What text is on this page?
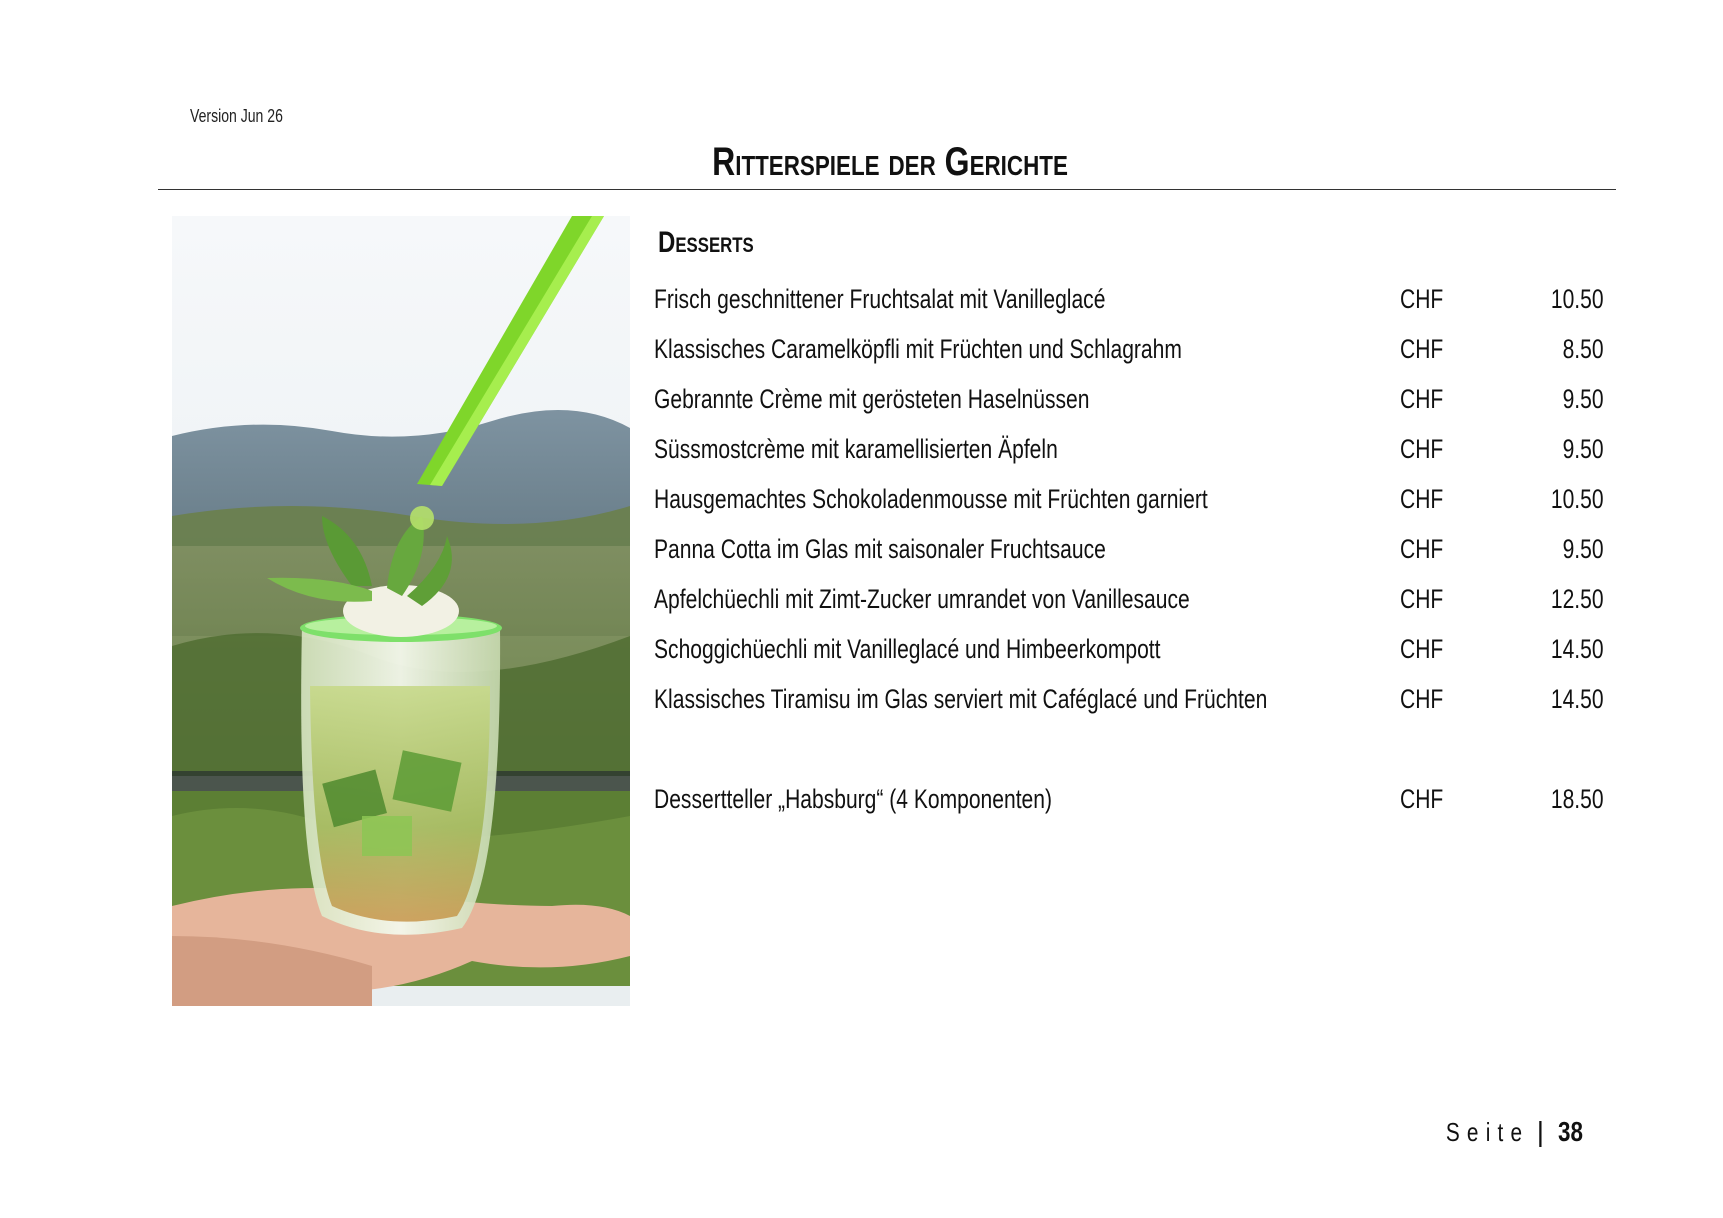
Version Jun 26
Ritterspiele der Gerichte
Desserts
Frisch geschnittener Fruchtsalat mit Vanilleglacé	CHF	10.50
Klassisches Caramelköpfli mit Früchten und Schlagrahm	CHF	8.50
Gebrannte Crème mit gerösteten Haselnüssen	CHF	9.50
Süssmostcrème mit karamellisierten Äpfeln	CHF	9.50
Hausgemachtes Schokoladenmousse mit Früchten garniert	CHF	10.50
Panna Cotta im Glas mit saisonaler Fruchtsauce	CHF	9.50
Apfelchüechli mit Zimt-Zucker umrandet von Vanillesauce	CHF	12.50
Schoggichüechli mit Vanilleglacé und Himbeerkompott	CHF	14.50
Klassisches Tiramisu im Glas serviert mit Caféglacé und Früchten	CHF	14.50
Dessertteller „Habsburg“ (4 Komponenten)	CHF	18.50
Seite | 38
